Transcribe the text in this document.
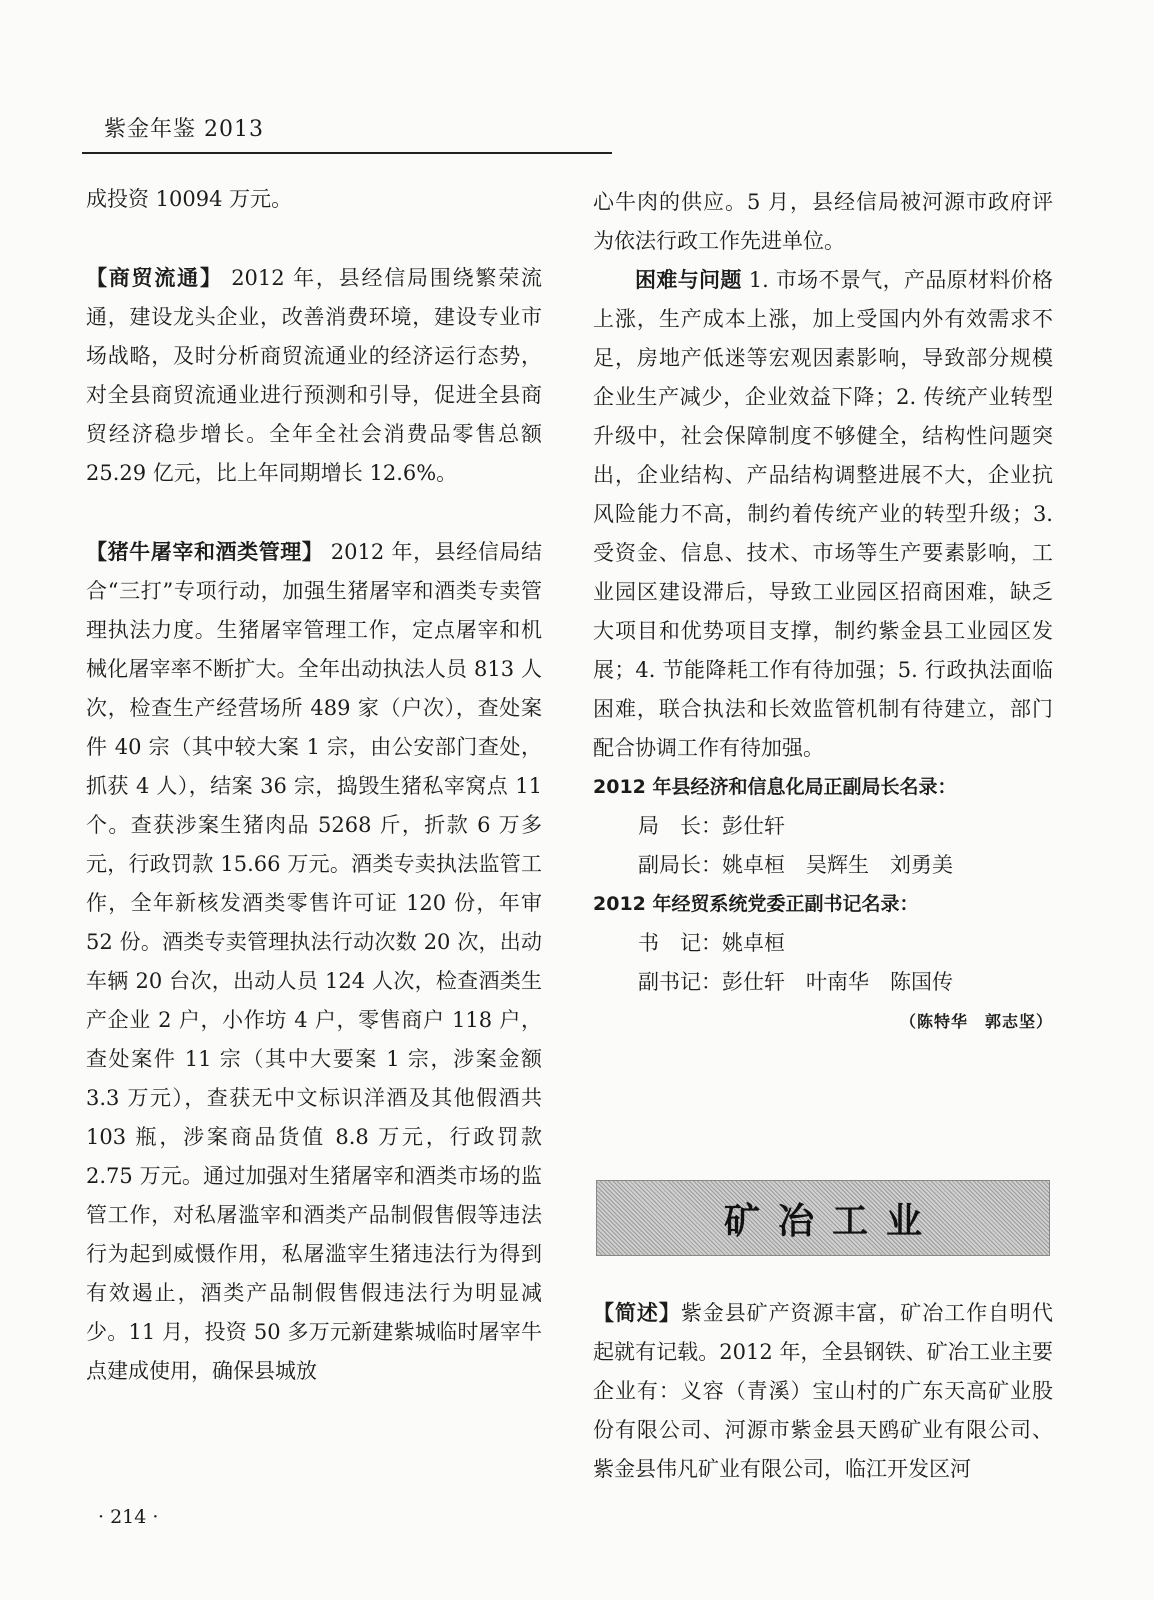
紫金年鉴 2013

成投资 10094 万元。

【商贸流通】 2012 年，县经信局围绕繁荣流通，建设龙头企业，改善消费环境，建设专业市场战略，及时分析商贸流通业的经济运行态势，对全县商贸流通业进行预测和引导，促进全县商贸经济稳步增长。全年全社会消费品零售总额 25.29 亿元，比上年同期增长 12.6%。

【猪牛屠宰和酒类管理】 2012 年，县经信局结合“三打”专项行动，加强生猪屠宰和酒类专卖管理执法力度。生猪屠宰管理工作，定点屠宰和机械化屠宰率不断扩大。全年出动执法人员 813 人次，检查生产经营场所 489 家（户次），查处案件 40 宗（其中较大案 1 宗，由公安部门查处，抓获 4 人），结案 36 宗，捣毁生猪私宰窝点 11 个。查获涉案生猪肉品 5268 斤，折款 6 万多元，行政罚款 15.66 万元。酒类专卖执法监管工作，全年新核发酒类零售许可证 120 份，年审 52 份。酒类专卖管理执法行动次数 20 次，出动车辆 20 台次，出动人员 124 人次，检查酒类生产企业 2 户，小作坊 4 户，零售商户 118 户，查处案件 11 宗（其中大要案 1 宗，涉案金额 3.3 万元），查获无中文标识洋酒及其他假酒共 103 瓶，涉案商品货值 8.8 万元，行政罚款 2.75 万元。通过加强对生猪屠宰和酒类市场的监管工作，对私屠滥宰和酒类产品制假售假等违法行为起到威慑作用，私屠滥宰生猪违法行为得到有效遏止，酒类产品制假售假违法行为明显减少。11 月，投资 50 多万元新建紫城临时屠宰牛点建成使用，确保县城放

心牛肉的供应。5 月，县经信局被河源市政府评为依法行政工作先进单位。

困难与问题 1. 市场不景气，产品原材料价格上涨，生产成本上涨，加上受国内外有效需求不足，房地产低迷等宏观因素影响，导致部分规模企业生产减少，企业效益下降；2. 传统产业转型升级中，社会保障制度不够健全，结构性问题突出，企业结构、产品结构调整进展不大，企业抗风险能力不高，制约着传统产业的转型升级；3. 受资金、信息、技术、市场等生产要素影响，工业园区建设滞后，导致工业园区招商困难，缺乏大项目和优势项目支撑，制约紫金县工业园区发展；4. 节能降耗工作有待加强；5. 行政执法面临困难，联合执法和长效监管机制有待建立，部门配合协调工作有待加强。

2012 年县经济和信息化局正副局长名录：

局　长：彭仕轩

副局长：姚卓桓　吴辉生　刘勇美

2012 年经贸系统党委正副书记名录：

书　记：姚卓桓

副书记：彭仕轩　叶南华　陈国传

（陈特华　郭志坚）

矿冶工业

【简述】紫金县矿产资源丰富，矿冶工作自明代起就有记载。2012 年，全县钢铁、矿冶工业主要企业有：义容（青溪）宝山村的广东天高矿业股份有限公司、河源市紫金县天鸥矿业有限公司、紫金县伟凡矿业有限公司，临江开发区河

· 214 ·
